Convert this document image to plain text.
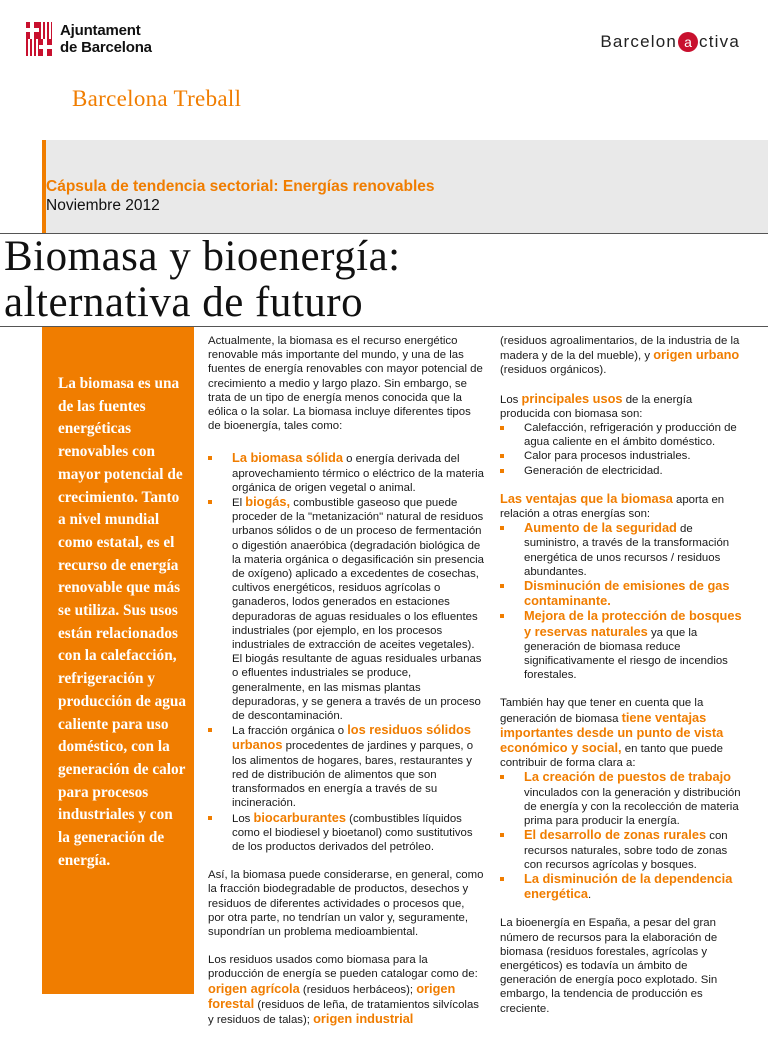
Ajuntament
de Barcelona	Barcelon a ctiva
Barcelona Treball
Cápsula de tendencia sectorial: Energías renovables
Noviembre 2012
Biomasa y bioenergía:
alternativa de futuro
La biomasa es una de las fuentes energéticas renovables con mayor potencial de crecimiento. Tanto a nivel mundial como estatal, es el recurso de energía renovable que más se utiliza. Sus usos están relacionados con la calefacción, refrigeración y producción de agua caliente para uso doméstico, con la generación de calor para procesos industriales y con la generación de energía.

Actualmente, la biomasa es el recurso energético renovable más importante del mundo, y una de las fuentes de energía renovables con mayor potencial de crecimiento a medio y largo plazo. Sin embargo, se trata de un tipo de energía menos conocida que la eólica o la solar. La biomasa incluye diferentes tipos de bioenergía, tales como:

La biomasa sólida o energía derivada del aprovechamiento térmico o eléctrico de la materia orgánica de origen vegetal o animal.
El biogás, combustible gaseoso que puede proceder de la "metanización" natural de residuos urbanos sólidos o de un proceso de fermentación o digestión anaeróbica (degradación biológica de la materia orgánica o degasificación sin presencia de oxígeno) aplicado a excedentes de cosechas, cultivos energéticos, residuos agrícolas o ganaderos, lodos generados en estaciones depuradoras de aguas residuales o los efluentes industriales (por ejemplo, en los procesos industriales de extracción de aceites vegetales). El biogás resultante de aguas residuales urbanas o efluentes industriales se produce, generalmente, en las mismas plantas depuradoras, y se genera a través de un proceso de descontaminación.
La fracción orgánica o los residuos sólidos urbanos procedentes de jardines y parques, o los alimentos de hogares, bares, restaurantes y red de distribución de alimentos que son transformados en energía a través de su incineración.
Los biocarburantes (combustibles líquidos como el biodiesel y bioetanol) como sustitutivos de los productos derivados del petróleo.

Así, la biomasa puede considerarse, en general, como la fracción biodegradable de productos, desechos y residuos de diferentes actividades o procesos que, por otra parte, no tendrían un valor y, seguramente, supondrían un problema medioambiental.

Los residuos usados como biomasa para la producción de energía se pueden catalogar como de: origen agrícola (residuos herbáceos); origen forestal (residuos de leña, de tratamientos silvícolas y residuos de talas); origen industrial

(residuos agroalimentarios, de la industria de la madera y de la del mueble), y origen urbano (residuos orgánicos).

Los principales usos de la energía producida con biomasa son:

Calefacción, refrigeración y producción de agua caliente en el ámbito doméstico.
Calor para procesos industriales.
Generación de electricidad.

Las ventajas que la biomasa aporta en relación a otras energías son:

Aumento de la seguridad de suministro, a través de la transformación energética de unos recursos / residuos abundantes.
Disminución de emisiones de gas contaminante.
Mejora de la protección de bosques y reservas naturales ya que la generación de biomasa reduce significativamente el riesgo de incendios forestales.

También hay que tener en cuenta que la generación de biomasa tiene ventajas importantes desde un punto de vista económico y social, en tanto que puede contribuir de forma clara a:

La creación de puestos de trabajo vinculados con la generación y distribución de energía y con la recolección de materia prima para producir la energía.
El desarrollo de zonas rurales con recursos naturales, sobre todo de zonas con recursos agrícolas y bosques.
La disminución de la dependencia energética.

La bioenergía en España, a pesar del gran número de recursos para la elaboración de biomasa (residuos forestales, agrícolas y energéticos) es todavía un ámbito de generación de energía poco explotado. Sin embargo, la tendencia de producción es creciente.
